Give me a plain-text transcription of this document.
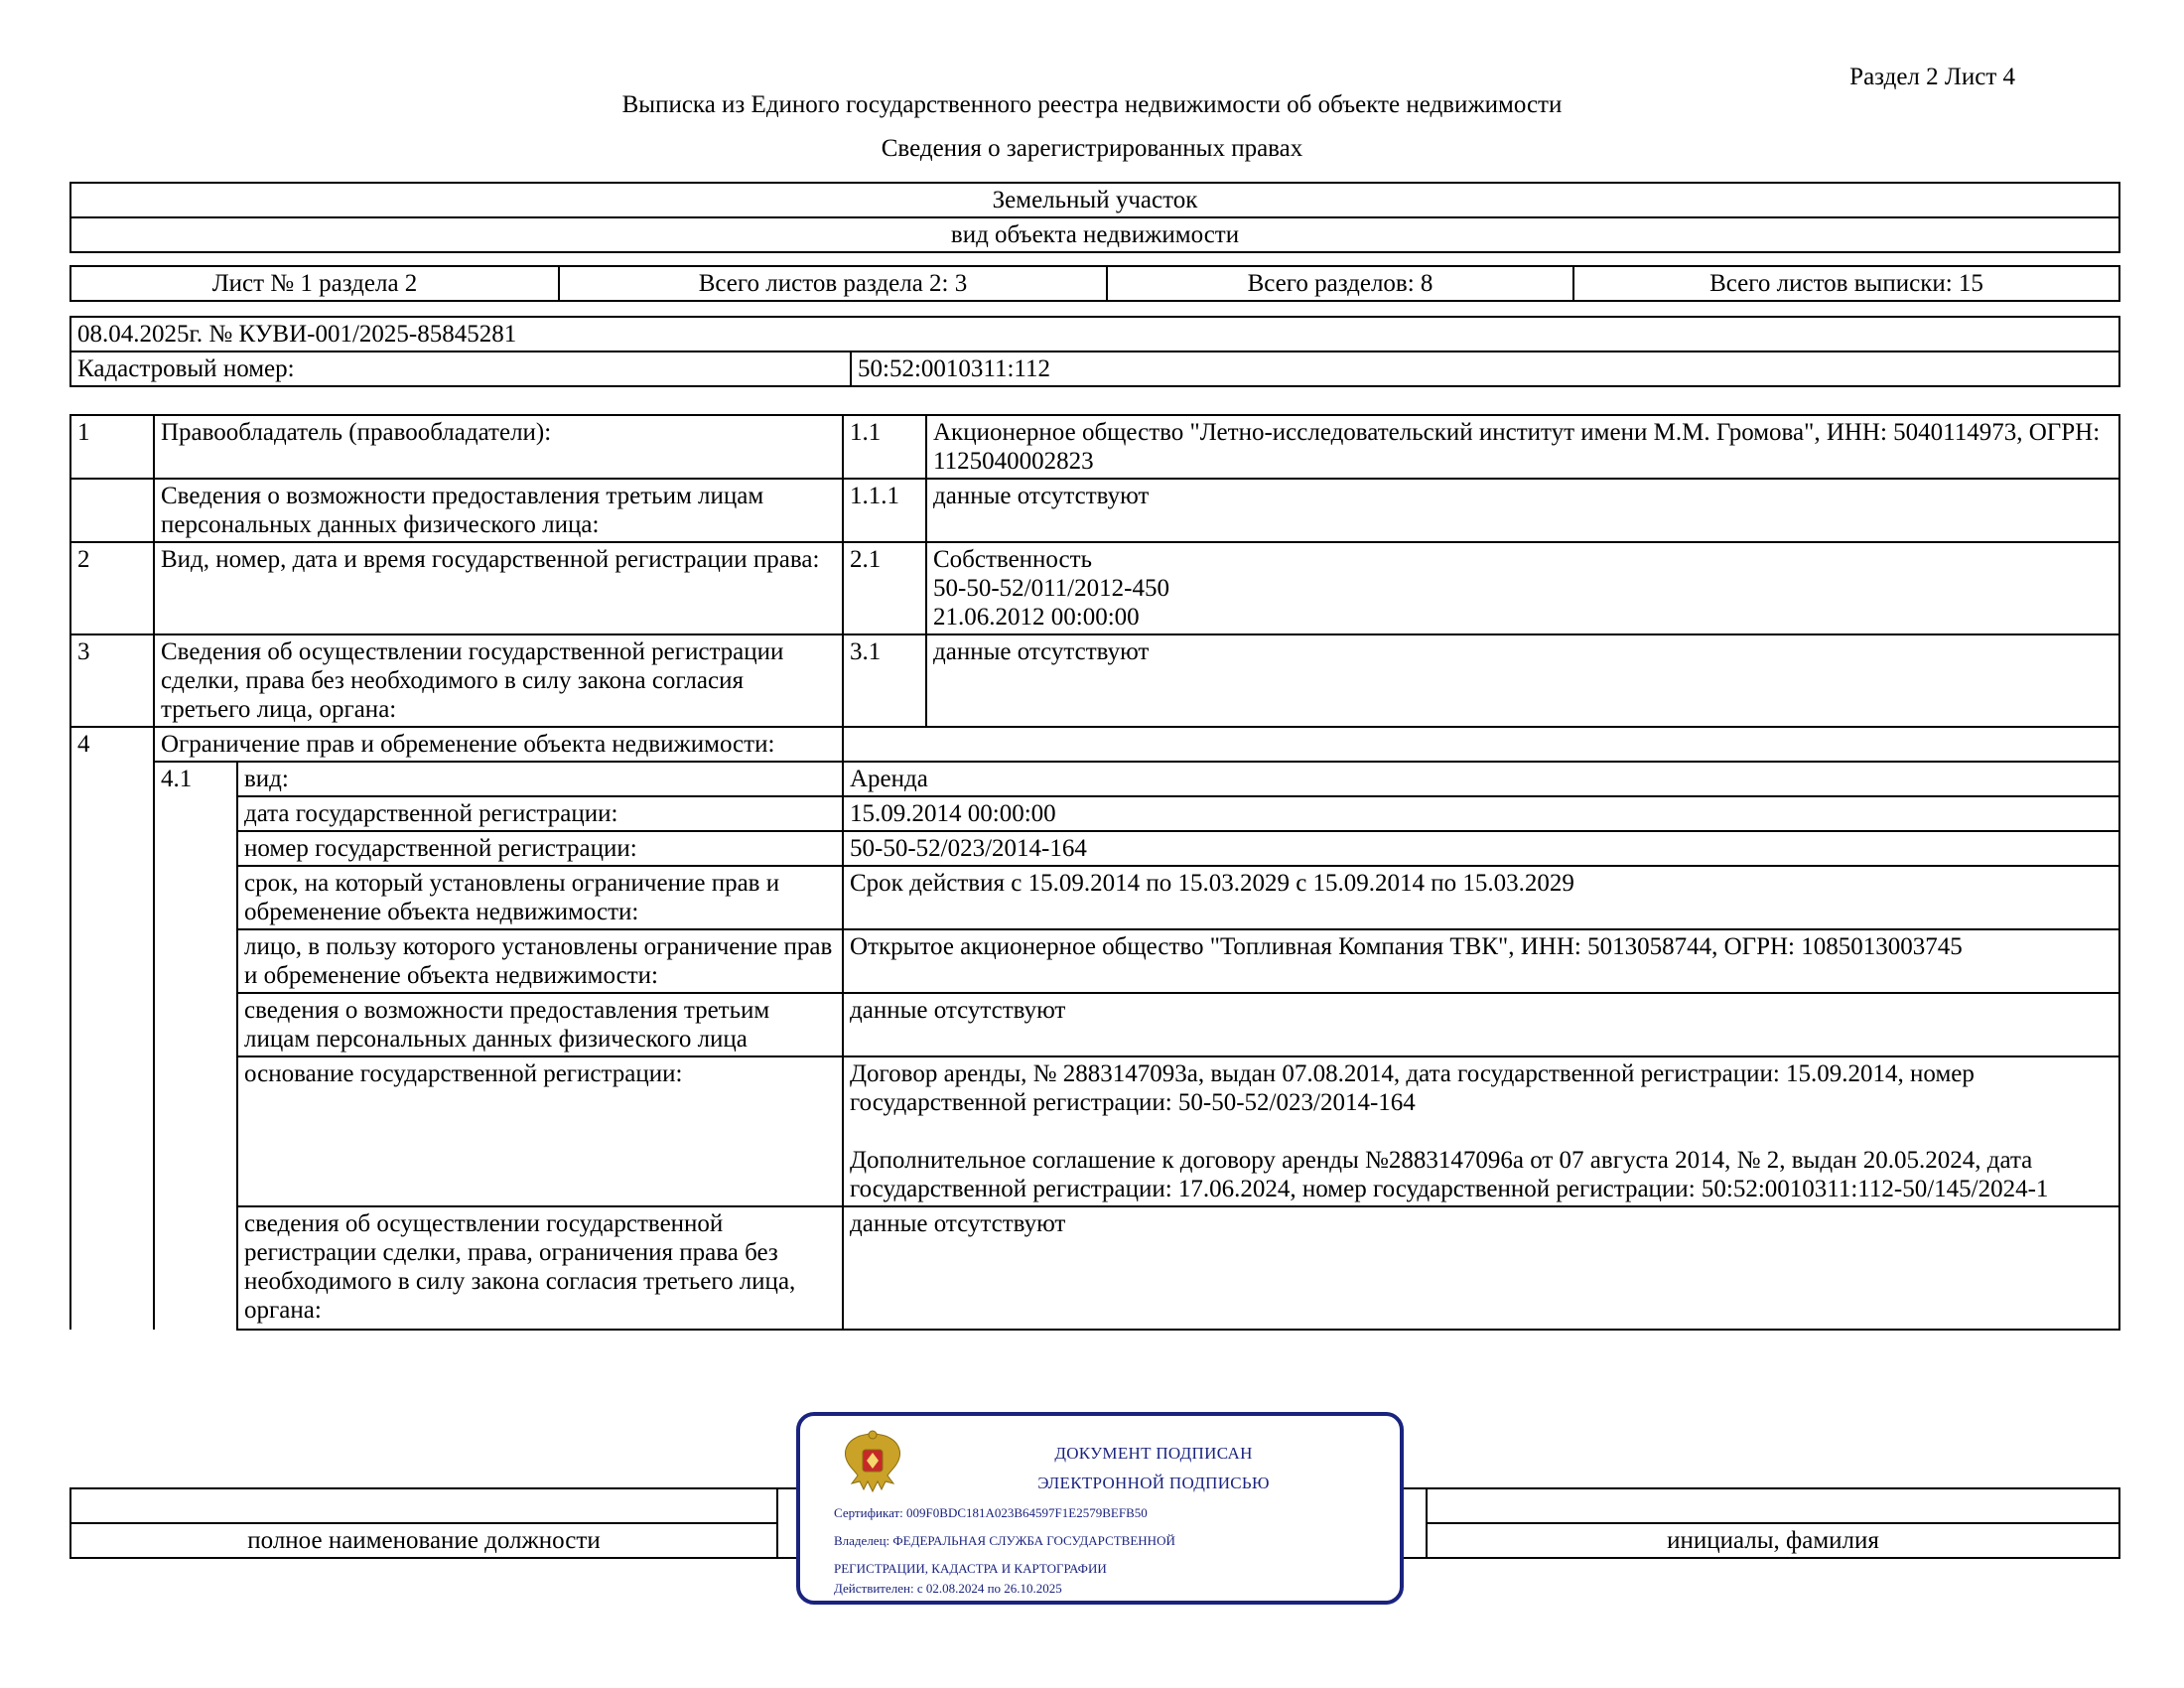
Раздел 2 Лист 4
Выписка из Единого государственного реестра недвижимости об объекте недвижимости
Сведения о зарегистрированных правах
Земельный участок
вид объекта недвижимости
Лист № 1 раздела 2	Всего листов раздела 2: 3	Всего разделов: 8	Всего листов выписки: 15
08.04.2025г. № КУВИ-001/2025-85845281
Кадастровый номер:	50:52:0010311:112
1	Правообладатель (правообладатели):		1.1	Акционерное общество "Летно-исследовательский институт имени М.М. Громова", ИНН: 5040114973, ОГРН: 1125040002823
	Сведения о возможности предоставления третьим лицам персональных данных физического лица:		1.1.1	данные отсутствуют
2	Вид, номер, дата и время государственной регистрации права:		2.1	Собственность
50-50-52/011/2012-450
21.06.2012 00:00:00
3	Сведения об осуществлении государственной регистрации сделки, права без необходимого в силу закона согласия третьего лица, органа:		3.1	данные отсутствуют
4	Ограничение прав и обременение объекта недвижимости:			
	4.1	вид:	Аренда	
		дата государственной регистрации:	15.09.2014 00:00:00	
		номер государственной регистрации:	50-50-52/023/2014-164	
		срок, на который установлены ограничение прав и обременение объекта недвижимости:	Срок действия с 15.09.2014 по 15.03.2029 с 15.09.2014 по 15.03.2029	
		лицо, в пользу которого установлены ограничение прав и обременение объекта недвижимости:	Открытое акционерное общество "Топливная Компания ТВК", ИНН: 5013058744, ОГРН: 1085013003745	
		сведения о возможности предоставления третьим лицам персональных данных физического лица	данные отсутствуют	
		основание государственной регистрации:	Договор аренды, № 2883147093а, выдан 07.08.2014, дата государственной регистрации: 15.09.2014, номер государственной регистрации: 50-50-52/023/2014-164

Дополнительное соглашение к договору аренды №2883147096а от 07 августа 2014, № 2, выдан 20.05.2024, дата государственной регистрации: 17.06.2024, номер государственной регистрации: 50:52:0010311:112-50/145/2024-1	
		сведения об осуществлении государственной регистрации сделки, права, ограничения права без необходимого в силу закона согласия третьего лица, органа:	данные отсутствуют	

полное наименование должности		инициалы, фамилия
ДОКУМЕНТ ПОДПИСАН
ЭЛЕКТРОННОЙ ПОДПИСЬЮ
Сертификат: 009F0BDC181A023B64597F1E2579BEFB50
Владелец: ФЕДЕРАЛЬНАЯ СЛУЖБА ГОСУДАРСТВЕННОЙ
РЕГИСТРАЦИИ, КАДАСТРА И КАРТОГРАФИИ
Действителен: с 02.08.2024 по 26.10.2025
